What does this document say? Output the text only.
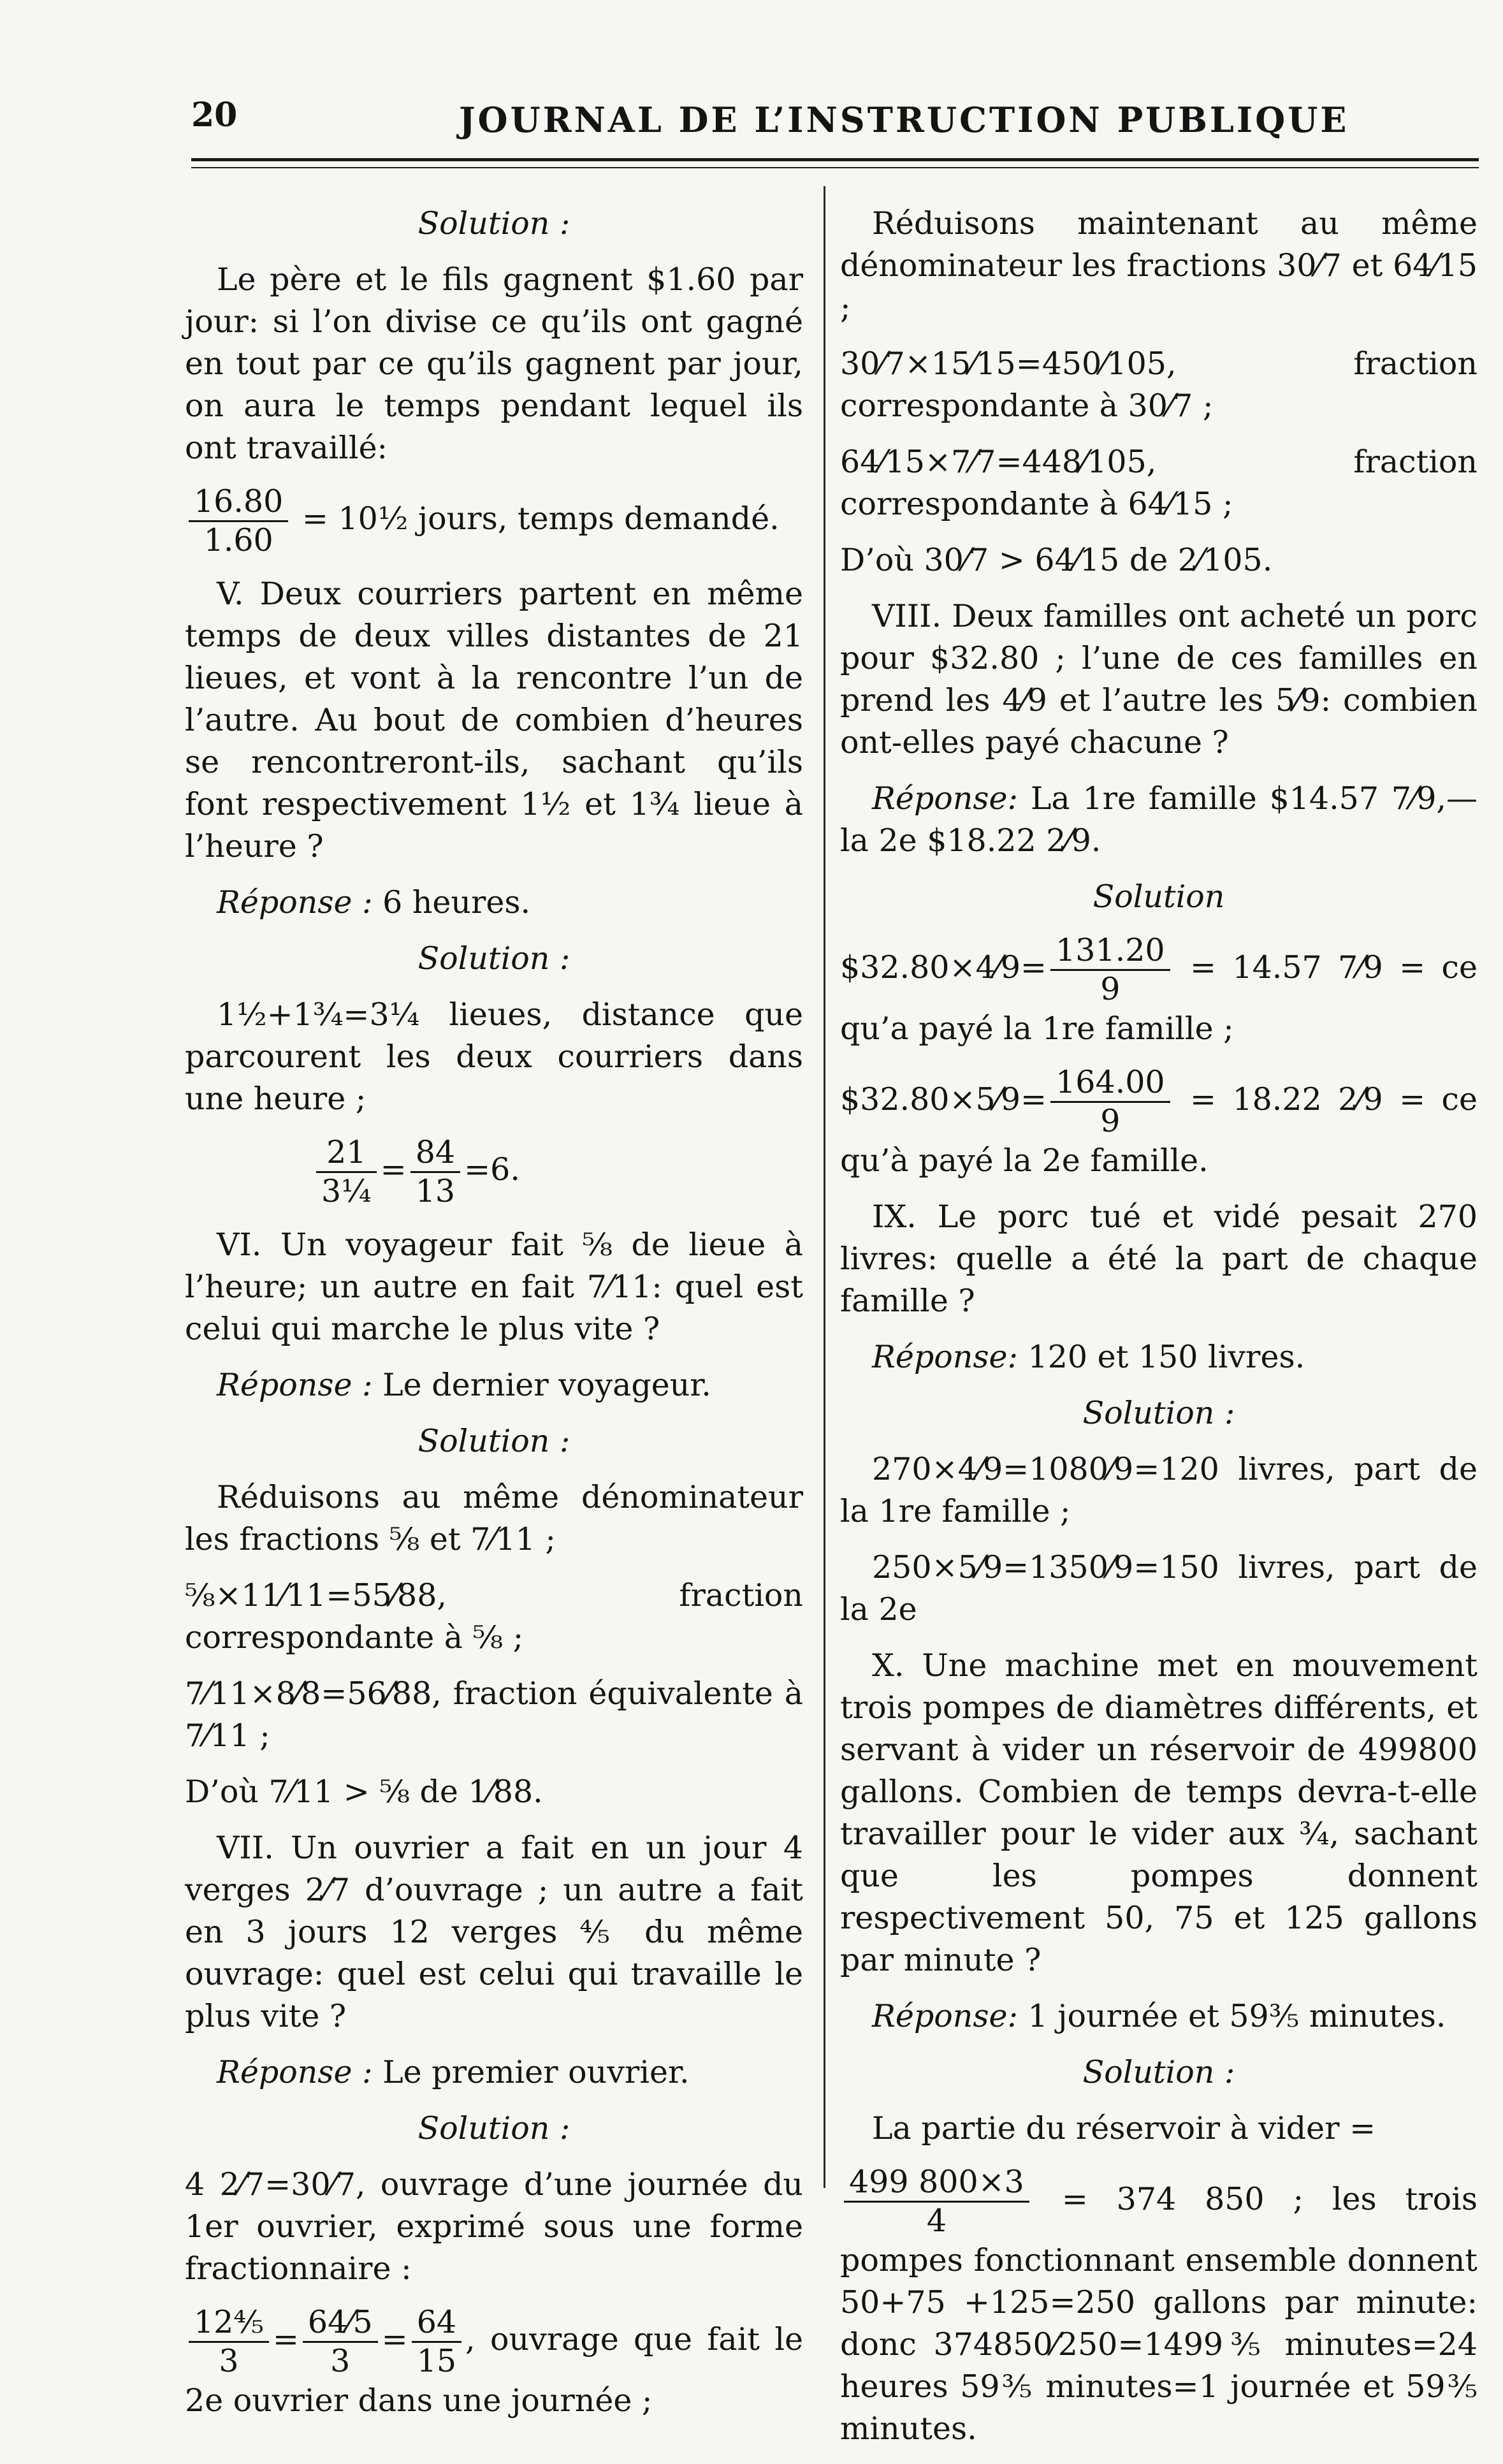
20	JOURNAL DE L’INSTRUCTION PUBLIQUE

Solution :

Le père et le fils gagnent $1.60 par jour: si l’on divise ce qu’ils ont gagné en tout par ce qu’ils gagnent par jour, on aura le temps pendant lequel ils ont travaillé:

$\frac{16.80}{1.60}$ = 10½ jours, temps demandé.

V. Deux courriers partent en même temps de deux villes distantes de 21 lieues, et vont à la rencontre l’un de l’autre. Au bout de combien d’heures se rencontreront-ils, sachant qu’ils font respectivement 1½ et 1¾ lieue à l’heure ?

Réponse : 6 heures.

Solution :

1½+1¾=3¼ lieues, distance que parcourent les deux courriers dans une heure ;

$\frac{21}{\text{3¼}} = \frac{84}{13} =6$.

VI. Un voyageur fait ⅝ de lieue à l’heure; un autre en fait 7⁄11: quel est celui qui marche le plus vite ?

Réponse : Le dernier voyageur.

Solution :

Réduisons au même dénominateur les fractions ⅝ et 7⁄11 ;

⅝×11⁄11=55⁄88, fraction correspondante à ⅝ ;

7⁄11×8⁄8=56⁄88, fraction équivalente à 7⁄11 ;

D’où 7⁄11 > ⅝ de 1⁄88.

VII. Un ouvrier a fait en un jour 4 verges 2⁄7 d’ouvrage ; un autre a fait en 3 jours 12 verges ⅘ du même ouvrage: quel est celui qui travaille le plus vite ?

Réponse : Le premier ouvrier.

Solution :

4 2⁄7=30⁄7, ouvrage d’une journée du 1er ouvrier, exprimé sous une forme fractionnaire :

$\frac{\text{12⅘}}{3} = \frac{64⁄5}{3} = \frac{64}{15}$ , ouvrage que fait le 2e ouvrier dans une journée ;

Réduisons maintenant au même dénominateur les fractions 30⁄7 et 64⁄15 ;

30⁄7×15⁄15=450⁄105, fraction correspondante à 30⁄7 ;

64⁄15×7⁄7=448⁄105, fraction correspondante à 64⁄15 ;

D’où 30⁄7 > 64⁄15 de 2⁄105.

VIII. Deux familles ont acheté un porc pour $32.80 ; l’une de ces familles en prend les 4⁄9 et l’autre les 5⁄9: combien ont-elles payé chacune ?

Réponse: La 1re famille $14.57 7⁄9,—la 2e $18.22 2⁄9.

Solution

$32.80×4⁄9= $\frac{131.20}{9} = 14.57$ 7⁄9 = ce qu’a payé la 1re famille ;

$32.80×5⁄9= $\frac{164.00}{9} = 18.22$ 2⁄9 = ce qu’à payé la 2e famille.

IX. Le porc tué et vidé pesait 270 livres: quelle a été la part de chaque famille ?

Réponse: 120 et 150 livres.

Solution :

270×4⁄9=1080⁄9=120 livres, part de la 1re famille ;

250×5⁄9=1350⁄9=150 livres, part de la 2e

X. Une machine met en mouvement trois pompes de diamètres différents, et servant à vider un réservoir de 499800 gallons. Combien de temps devra-t-elle travailler pour le vider aux ¾, sachant que les pompes donnent respectivement 50, 75 et 125 gallons par minute ?

Réponse: 1 journée et 59⅗ minutes.

Solution :

La partie du réservoir à vider =

$\frac{499 800\times 3}{4} = 374$ 850 ; les trois pompes fonctionnant ensemble donnent 50+75 +125=250 gallons par minute: donc 374850⁄250=1499⅗ minutes=24 heures 59⅗ minutes=1 journée et 59⅗ minutes.
